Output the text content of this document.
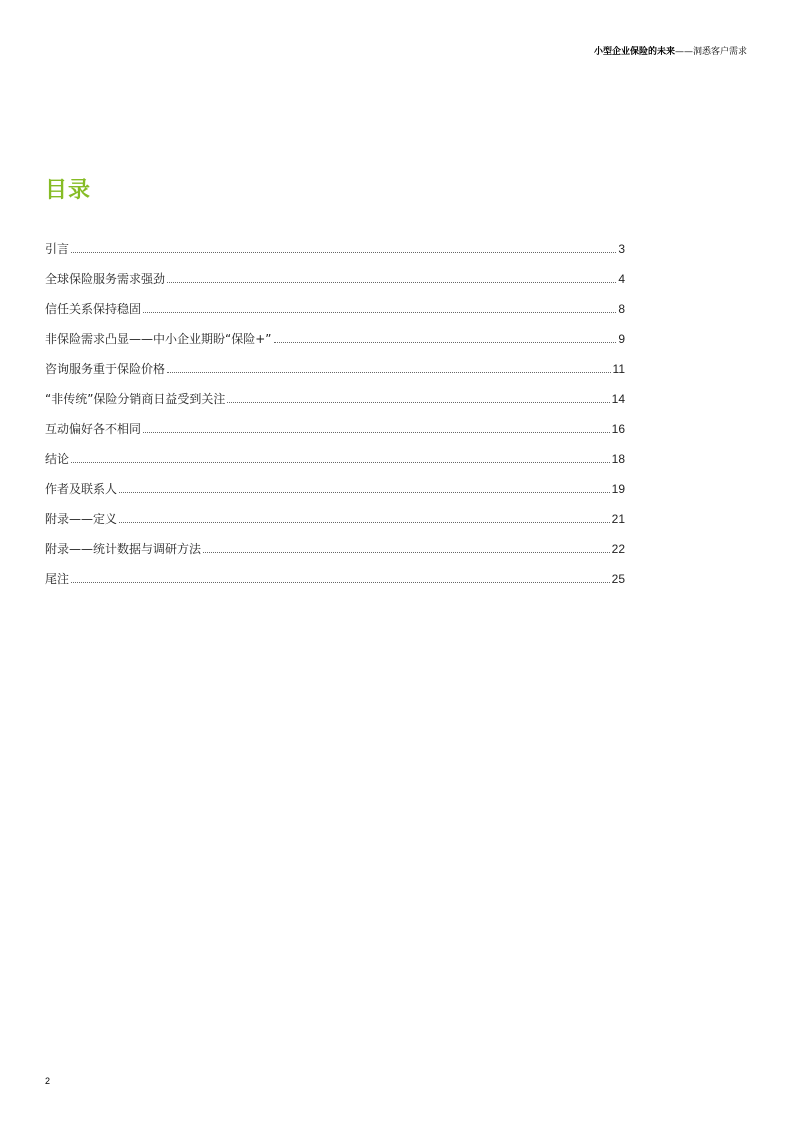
小型企业保险的未来——洞悉客户需求
目录
引言	3
全球保险服务需求强劲	4
信任关系保持稳固	8
非保险需求凸显——中小企业期盼“保险+”	9
咨询服务重于保险价格	11
“非传统”保险分销商日益受到关注	14
互动偏好各不相同	16
结论	18
作者及联系人	19
附录——定义	21
附录——统计数据与调研方法	22
尾注	25
2
